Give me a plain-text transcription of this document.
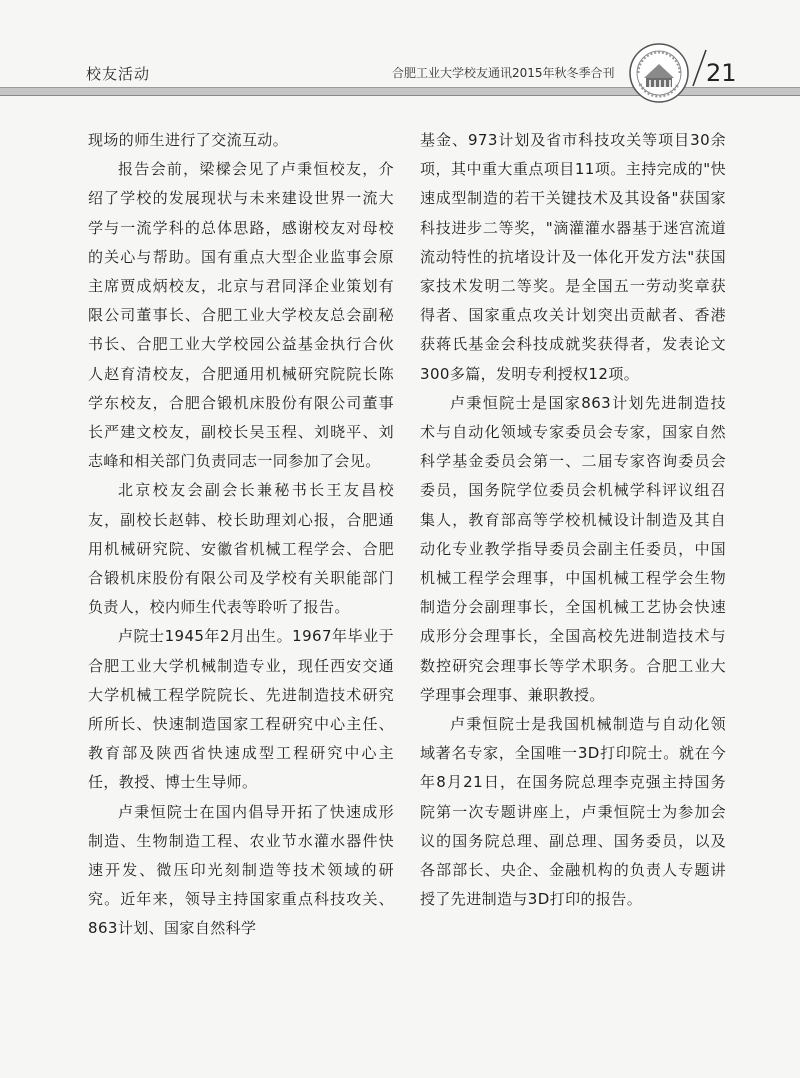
校友活动	合肥工业大学校友通讯2015年秋冬季合刊	21

现场的师生进行了交流互动。

报告会前，梁樑会见了卢秉恒校友，介绍了学校的发展现状与未来建设世界一流大学与一流学科的总体思路，感谢校友对母校的关心与帮助。国有重点大型企业监事会原主席贾成炳校友，北京与君同泽企业策划有限公司董事长、合肥工业大学校友总会副秘书长、合肥工业大学校园公益基金执行合伙人赵育清校友，合肥通用机械研究院院长陈学东校友，合肥合锻机床股份有限公司董事长严建文校友，副校长吴玉程、刘晓平、刘志峰和相关部门负责同志一同参加了会见。

北京校友会副会长兼秘书长王友昌校友，副校长赵韩、校长助理刘心报，合肥通用机械研究院、安徽省机械工程学会、合肥合锻机床股份有限公司及学校有关职能部门负责人，校内师生代表等聆听了报告。

卢院士1945年2月出生。1967年毕业于合肥工业大学机械制造专业，现任西安交通大学机械工程学院院长、先进制造技术研究所所长、快速制造国家工程研究中心主任、教育部及陕西省快速成型工程研究中心主任，教授、博士生导师。

卢秉恒院士在国内倡导开拓了快速成形制造、生物制造工程、农业节水灌水器件快速开发、微压印光刻制造等技术领域的研究。近年来，领导主持国家重点科技攻关、863计划、国家自然科学

基金、973计划及省市科技攻关等项目30余项，其中重大重点项目11项。主持完成的"快速成型制造的若干关键技术及其设备"获国家科技进步二等奖，"滴灌灌水器基于迷宫流道流动特性的抗堵设计及一体化开发方法"获国家技术发明二等奖。是全国五一劳动奖章获得者、国家重点攻关计划突出贡献者、香港获蒋氏基金会科技成就奖获得者，发表论文300多篇，发明专利授权12项。

卢秉恒院士是国家863计划先进制造技术与自动化领域专家委员会专家，国家自然科学基金委员会第一、二届专家咨询委员会委员，国务院学位委员会机械学科评议组召集人，教育部高等学校机械设计制造及其自动化专业教学指导委员会副主任委员，中国机械工程学会理事，中国机械工程学会生物制造分会副理事长，全国机械工艺协会快速成形分会理事长，全国高校先进制造技术与数控研究会理事长等学术职务。合肥工业大学理事会理事、兼职教授。

卢秉恒院士是我国机械制造与自动化领域著名专家，全国唯一3D打印院士。就在今年8月21日，在国务院总理李克强主持国务院第一次专题讲座上，卢秉恒院士为参加会议的国务院总理、副总理、国务委员，以及各部部长、央企、金融机构的负责人专题讲授了先进制造与3D打印的报告。
